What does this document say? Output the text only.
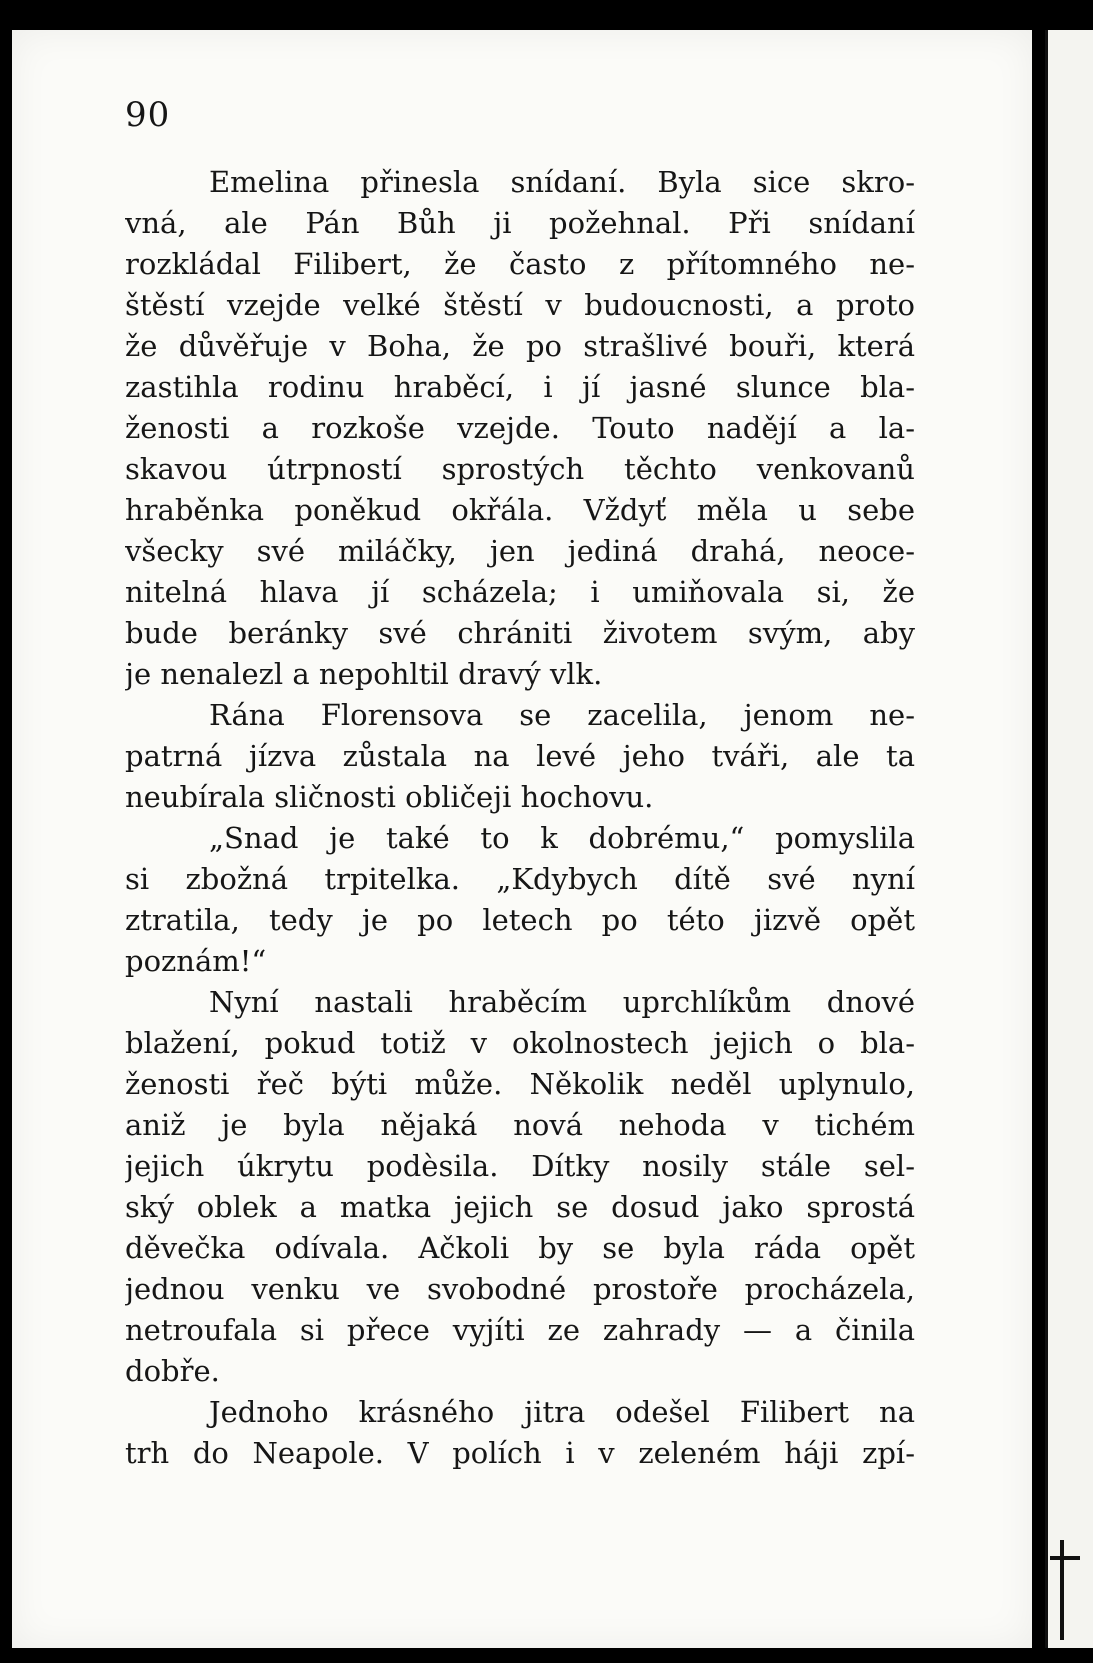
90
Emelina přinesla snídaní. Byla sice skro-
vná, ale Pán Bůh ji požehnal. Při snídaní
rozkládal Filibert, že často z přítomného ne-
štěstí vzejde velké štěstí v budoucnosti, a proto
že důvěřuje v Boha, že po strašlivé bouři, která
zastihla rodinu hraběcí, i jí jasné slunce bla-
ženosti a rozkoše vzejde. Touto nadějí a la-
skavou útrpností sprostých těchto venkovanů
hraběnka poněkud okřála. Vždyť měla u sebe
všecky své miláčky, jen jediná drahá, neoce-
nitelná hlava jí scházela; i umiňovala si, že
bude beránky své chrániti životem svým, aby
je nenalezl a nepohltil dravý vlk.
Rána Florensova se zacelila, jenom ne-
patrná jízva zůstala na levé jeho tváři, ale ta
neubírala sličnosti obličeji hochovu.
„Snad je také to k dobrému,“ pomyslila
si zbožná trpitelka. „Kdybych dítě své nyní
ztratila, tedy je po letech po této jizvě opět
poznám!“
Nyní nastali hraběcím uprchlíkům dnové
blažení, pokud totiž v okolnostech jejich o bla-
ženosti řeč býti může. Několik neděl uplynulo,
aniž je byla nějaká nová nehoda v tichém
jejich úkrytu podèsila. Dítky nosily stále sel-
ský oblek a matka jejich se dosud jako sprostá
děvečka odívala. Ačkoli by se byla ráda opět
jednou venku ve svobodné prostoře procházela,
netroufala si přece vyjíti ze zahrady — a činila
dobře.
Jednoho krásného jitra odešel Filibert na
trh do Neapole. V polích i v zeleném háji zpí-
